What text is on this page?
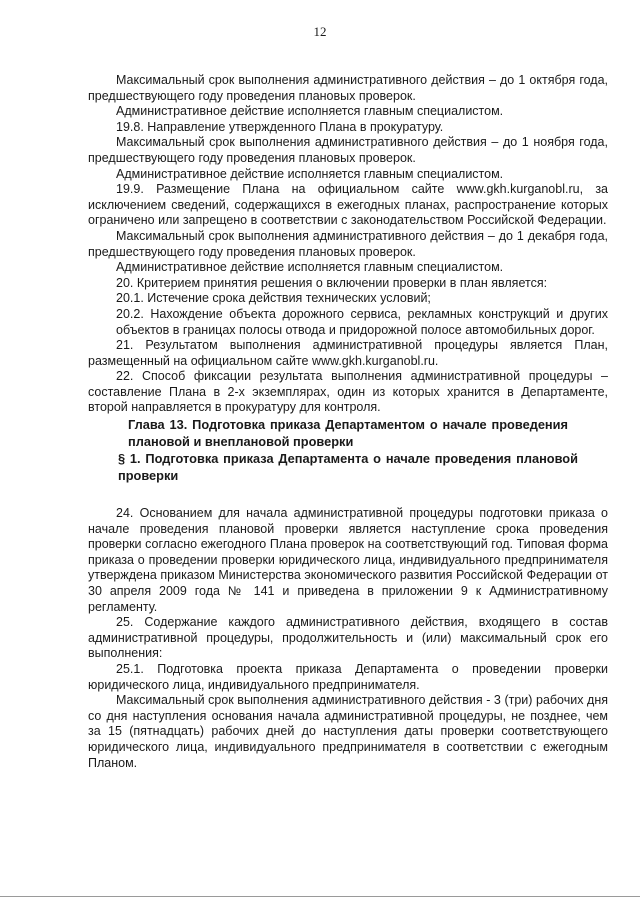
12

Максимальный срок выполнения административного действия – до 1 октября года, предшествующего году проведения плановых проверок.

Административное действие исполняется главным специалистом.

19.8. Направление утвержденного Плана в прокуратуру.

Максимальный срок выполнения административного действия – до 1 ноября года, предшествующего году проведения плановых проверок.

Административное действие исполняется главным специалистом.

19.9. Размещение Плана на официальном сайте www.gkh.kurganobl.ru, за исключением сведений, содержащихся в ежегодных планах, распространение которых ограничено или запрещено в соответствии с законодательством Российской Федерации.

Максимальный срок выполнения административного действия – до 1 декабря года, предшествующего году проведения плановых проверок.

Административное действие исполняется главным специалистом.

20. Критерием принятия решения о включении проверки в план является:

20.1. Истечение срока действия технических условий;

20.2. Нахождение объекта дорожного сервиса, рекламных конструкций и других объектов в границах полосы отвода и придорожной полосе автомобильных дорог.

21. Результатом выполнения административной процедуры является План, размещенный на официальном сайте www.gkh.kurganobl.ru.

22. Способ фиксации результата выполнения административной процедуры – составление Плана в 2-х экземплярах, один из которых хранится в Департаменте, второй направляется в прокуратуру для контроля.

Глава 13. Подготовка приказа Департаментом о начале проведения плановой и внеплановой проверки

§ 1. Подготовка приказа Департамента о начале проведения плановой проверки

24. Основанием для начала административной процедуры подготовки приказа о начале проведения плановой проверки является наступление срока проведения проверки согласно ежегодного Плана проверок на соответствующий год. Типовая форма приказа о проведении проверки юридического лица, индивидуального предпринимателя утверждена приказом Министерства экономического развития Российской Федерации от 30 апреля 2009 года № 141 и приведена в приложении 9 к Административному регламенту.

25. Содержание каждого административного действия, входящего в состав административной процедуры, продолжительность и (или) максимальный срок его выполнения:

25.1. Подготовка проекта приказа Департамента о проведении проверки юридического лица, индивидуального предпринимателя.

Максимальный срок выполнения административного действия - 3 (три) рабочих дня со дня наступления основания начала административной процедуры, не позднее, чем за 15 (пятнадцать) рабочих дней до наступления даты проверки соответствующего юридического лица, индивидуального предпринимателя в соответствии с ежегодным Планом.
